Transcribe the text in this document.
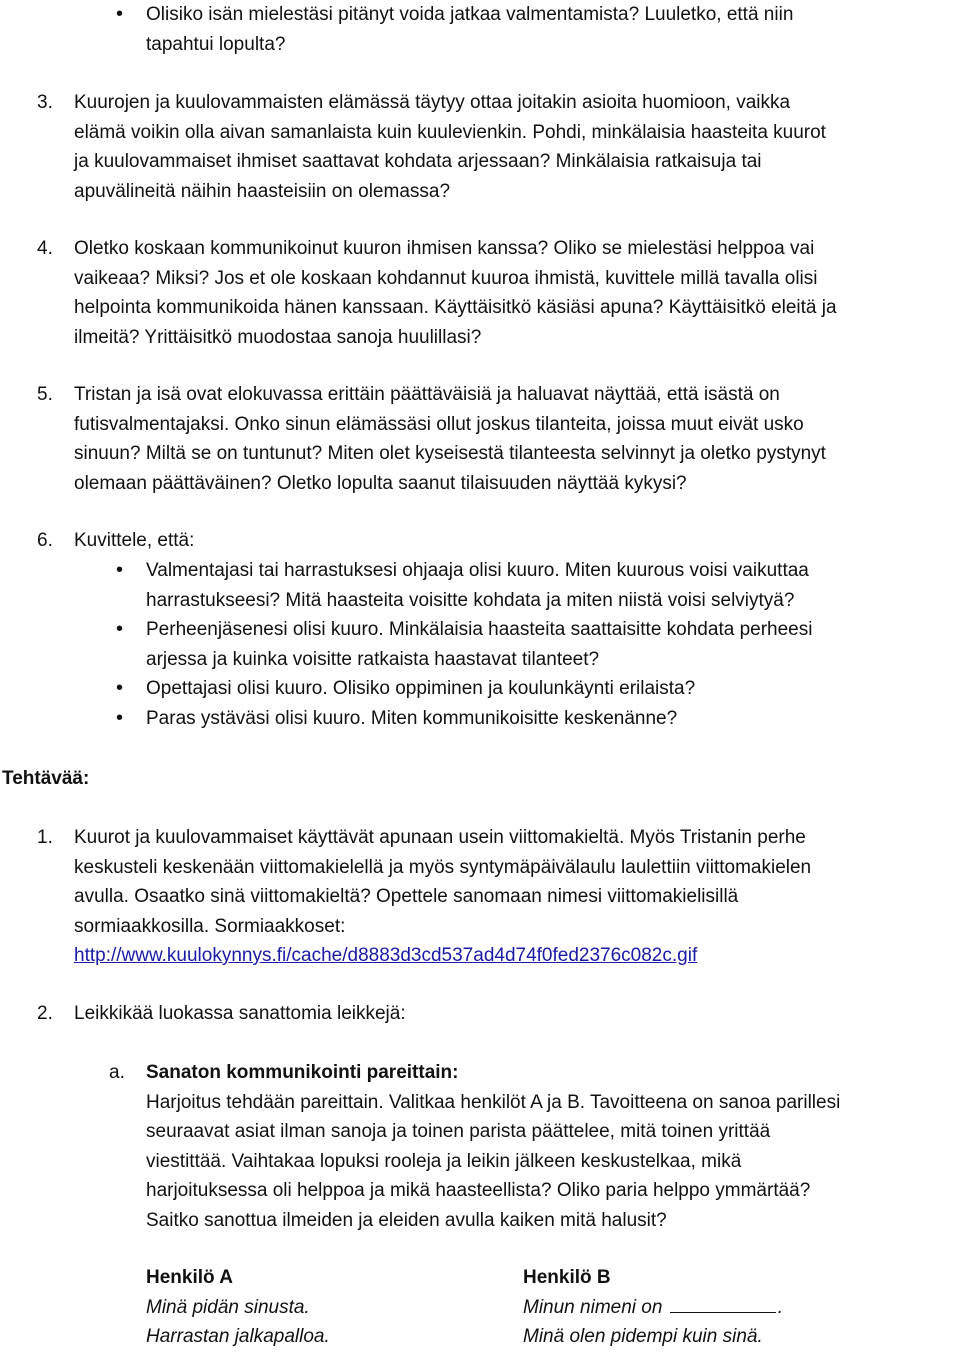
• Olisiko isän mielestäsi pitänyt voida jatkaa valmentamista? Luuletko, että niin
tapahtui lopulta?
3. Kuurojen ja kuulovammaisten elämässä täytyy ottaa joitakin asioita huomioon, vaikka
elämä voikin olla aivan samanlaista kuin kuulevienkin. Pohdi, minkälaisia haasteita kuurot
ja kuulovammaiset ihmiset saattavat kohdata arjessaan? Minkälaisia ratkaisuja tai
apuvälineitä näihin haasteisiin on olemassa?
4. Oletko koskaan kommunikoinut kuuron ihmisen kanssa? Oliko se mielestäsi helppoa vai
vaikeaa? Miksi? Jos et ole koskaan kohdannut kuuroa ihmistä, kuvittele millä tavalla olisi
helpointa kommunikoida hänen kanssaan. Käyttäisitkö käsiäsi apuna? Käyttäisitkö eleitä ja
ilmeitä? Yrittäisitkö muodostaa sanoja huulillasi?
5. Tristan ja isä ovat elokuvassa erittäin päättäväisiä ja haluavat näyttää, että isästä on
futisvalmentajaksi. Onko sinun elämässäsi ollut joskus tilanteita, joissa muut eivät usko
sinuun? Miltä se on tuntunut? Miten olet kyseisestä tilanteesta selvinnyt ja oletko pystynyt
olemaan päättäväinen? Oletko lopulta saanut tilaisuuden näyttää kykysi?
6. Kuvittele, että:
• Valmentajasi tai harrastuksesi ohjaaja olisi kuuro. Miten kuurous voisi vaikuttaa
harrastukseesi? Mitä haasteita voisitte kohdata ja miten niistä voisi selviytyä?
• Perheenjäsenesi olisi kuuro. Minkälaisia haasteita saattaisitte kohdata perheesi
arjessa ja kuinka voisitte ratkaista haastavat tilanteet?
• Opettajasi olisi kuuro. Olisiko oppiminen ja koulunkäynti erilaista?
• Paras ystäväsi olisi kuuro. Miten kommunikoisitte keskenänne?
Tehtävää:
1. Kuurot ja kuulovammaiset käyttävät apunaan usein viittomakieltä. Myös Tristanin perhe
keskusteli keskenään viittomakielellä ja myös syntymäpäivälaulu laulettiin viittomakielen
avulla. Osaatko sinä viittomakieltä? Opettele sanomaan nimesi viittomakielisillä
sormiaakkosilla. Sormiaakkoset:
http://www.kuulokynnys.fi/cache/d8883d3cd537ad4d74f0fed2376c082c.gif
2. Leikkikää luokassa sanattomia leikkejä:
a. Sanaton kommunikointi pareittain:
Harjoitus tehdään pareittain. Valitkaa henkilöt A ja B. Tavoitteena on sanoa parillesi
seuraavat asiat ilman sanoja ja toinen parista päättelee, mitä toinen yrittää
viestittää. Vaihtakaa lopuksi rooleja ja leikin jälkeen keskustelkaa, mikä
harjoituksessa oli helppoa ja mikä haasteellista? Oliko paria helppo ymmärtää?
Saitko sanottua ilmeiden ja eleiden avulla kaiken mitä halusit?
Henkilö A
Minä pidän sinusta.
Harrastan jalkapalloa.
Henkilö B
Minun nimeni on	.
Minä olen pidempi kuin sinä.
